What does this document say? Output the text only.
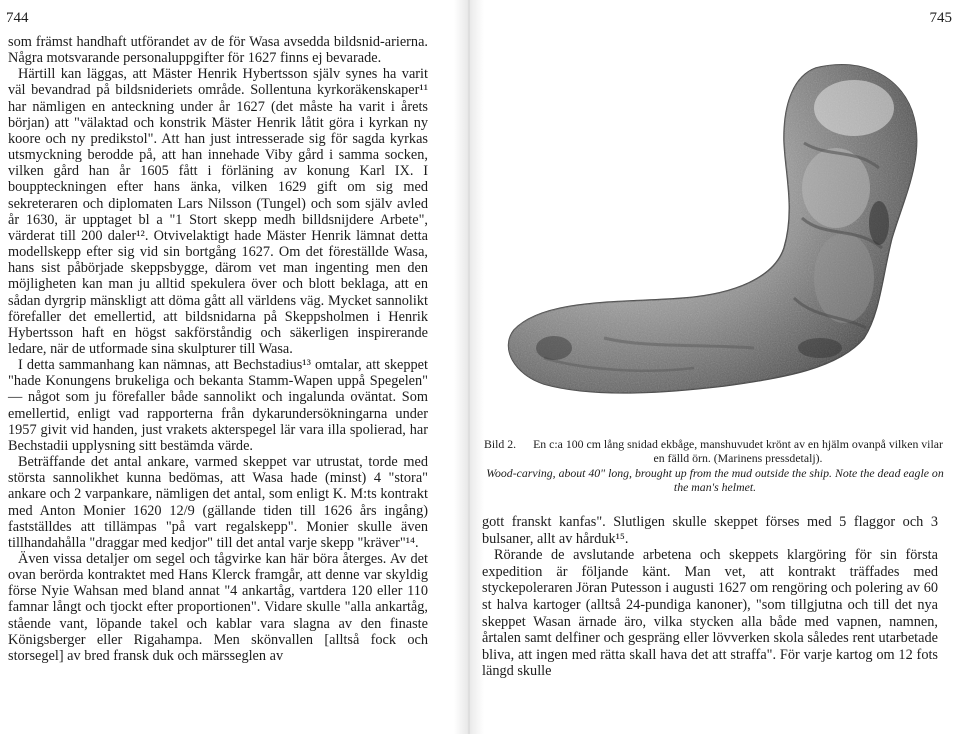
744

som främst handhaft utförandet av de för Wasa avsedda bildsnid-arierna. Några motsvarande personaluppgifter för 1627 finns ej bevarade.

Härtill kan läggas, att Mäster Henrik Hybertsson själv synes ha varit väl bevandrad på bildsnideriets område. Sollentuna kyrkoräkenskaper¹¹ har nämligen en anteckning under år 1627 (det måste ha varit i årets början) att "välaktad och konstrik Mäster Henrik låtit göra i kyrkan ny koore och ny predikstol". Att han just intresserade sig för sagda kyrkas utsmyckning berodde på, att han innehade Viby gård i samma socken, vilken gård han år 1605 fått i förläning av konung Karl IX. I bouppteckningen efter hans änka, vilken 1629 gift om sig med sekreteraren och diplomaten Lars Nilsson (Tungel) och som själv avled år 1630, är upptaget bl a "1 Stort skepp medh billdsnijdere Arbete", värderat till 200 daler¹². Otvivelaktigt hade Mäster Henrik lämnat detta modellskepp efter sig vid sin bortgång 1627. Om det föreställde Wasa, hans sist påbörjade skeppsbygge, därom vet man ingenting men den möjligheten kan man ju alltid spekulera över och blott beklaga, att en sådan dyrgrip mänskligt att döma gått all världens väg. Mycket sannolikt förefaller det emellertid, att bildsnidarna på Skeppsholmen i Henrik Hybertsson haft en högst sakförståndig och säkerligen inspirerande ledare, när de utformade sina skulpturer till Wasa.

I detta sammanhang kan nämnas, att Bechstadius¹³ omtalar, att skeppet "hade Konungens brukeliga och bekanta Stamm-Wapen uppå Spegelen" — något som ju förefaller både sannolikt och ingalunda oväntat. Som emellertid, enligt vad rapporterna från dykarundersökningarna under 1957 givit vid handen, just vrakets akterspegel lär vara illa spolierad, har Bechstadii upplysning sitt bestämda värde.

Beträffande det antal ankare, varmed skeppet var utrustat, torde med största sannolikhet kunna bedömas, att Wasa hade (minst) 4 "stora" ankare och 2 varpankare, nämligen det antal, som enligt K. M:ts kontrakt med Anton Monier 1620 12/9 (gällande tiden till 1626 års ingång) fastställdes att tillämpas "på vart regalskepp". Monier skulle även tillhandahålla "draggar med kedjor" till det antal varje skepp "kräver"¹⁴.

Även vissa detaljer om segel och tågvirke kan här böra återges. Av det ovan berörda kontraktet med Hans Klerck framgår, att denne var skyldig förse Nyie Wahsan med bland annat "4 ankartåg, vartdera 120 eller 110 famnar långt och tjockt efter proportionen". Vidare skulle "alla ankartåg, stående vant, löpande takel och kablar vara slagna av den finaste Königsberger eller Rigahampa. Men skönvallen [alltså fock och storsegel] av bred fransk duk och märsseglen av

745
Bild 2.	En c:a 100 cm lång snidad ekbåge, manshuvudet krönt av en hjälm ovanpå vilken vilar en fälld örn. (Marinens pressdetalj).
Wood-carving, about 40" long, brought up from the mud outside the ship. Note the dead eagle on the man's helmet.

gott franskt kanfas". Slutligen skulle skeppet förses med 5 flaggor och 3 bulsaner, allt av hårduk¹⁵.

Rörande de avslutande arbetena och skeppets klargöring för sin första expedition är följande känt. Man vet, att kontrakt träffades med styckepoleraren Jöran Putesson i augusti 1627 om rengöring och polering av 60 st halva kartoger (alltså 24-pundiga kanoner), "som tillgjutna och till det nya skeppet Wasan ärnade äro, vilka stycken alla både med vapnen, namnen, årtalen samt delfiner och gespräng eller lövverken skola således rent utarbetade bliva, att ingen med rätta skall hava det att straffa". För varje kartog om 12 fots längd skulle
